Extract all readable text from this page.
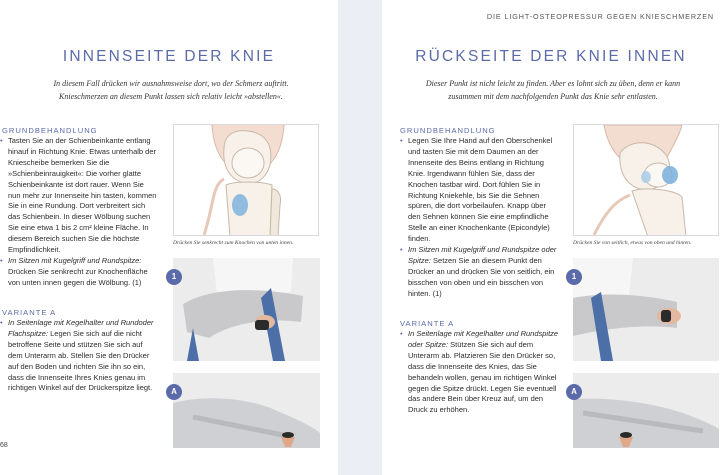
INNENSEITE DER KNIE
In diesem Fall drücken wir ausnahmsweise dort, wo der Schmerz auftritt. Knieschmerzen an diesem Punkt lassen sich relativ leicht »abstellen«.
GRUNDBEHANDLUNG

• Tasten Sie an der Schienbeinkante entlang hinauf in Richtung Knie. Etwas unterhalb der Kniescheibe bemerken Sie die »Schienbeinrauigkeit«: Die vorher glatte Schienbeinkante ist dort rauer. Wenn Sie nun mehr zur Innenseite hin tasten, kommen Sie in eine Rundung. Dort verbreitert sich das Schienbein. In dieser Wölbung suchen Sie eine etwa 1 bis 2 cm² kleine Fläche. In diesem Bereich suchen Sie die höchste Empfindlichkeit.

• Im Sitzen mit Kugelgriff und Rundspitze: Drücken Sie senkrecht zur Knochenfläche von unten innen gegen die Wölbung. (1)

VARIANTE A

• In Seitenlage mit Kegelhalter und Rundoder Flachspitze: Legen Sie sich auf die nicht betroffene Seite und stützen Sie sich auf dem Unterarm ab. Stellen Sie den Drücker auf den Boden und richten Sie ihn so ein, dass die Innenseite Ihres Knies genau im richtigen Winkel auf der Drückerspitze liegt.

Drücken Sie senkrecht zum Knochen von unten innen.
1
A
68
DIE LIGHT-OSTEOPRESSUR GEGEN KNIESCHMERZEN
RÜCKSEITE DER KNIE INNEN
Dieser Punkt ist nicht leicht zu finden. Aber es lohnt sich zu üben, denn er kann zusammen mit dem nachfolgenden Punkt das Knie sehr entlasten.
GRUNDBEHANDLUNG

• Legen Sie Ihre Hand auf den Oberschenkel und tasten Sie mit dem Daumen an der Innenseite des Beins entlang in Richtung Knie. Irgendwann fühlen Sie, dass der Knochen tastbar wird. Dort fühlen Sie in Richtung Kniekehle, bis Sie die Sehnen spüren, die dort vorbeilaufen. Knapp über den Sehnen können Sie eine empfindliche Stelle an einer Knochenkante (Epicondyle) finden.

• Im Sitzen mit Kugelgriff und Rundspitze oder Spitze: Setzen Sie an diesem Punkt den Drücker an und drücken Sie von seitlich, ein bisschen von oben und ein bisschen von hinten. (1)

VARIANTE A

• In Seitenlage mit Kegelhalter und Rundspitze oder Spitze: Stützen Sie sich auf dem Unterarm ab. Platzieren Sie den Drücker so, dass die Innenseite des Knies, das Sie behandeln wollen, genau im richtigen Winkel gegen die Spitze drückt. Legen Sie eventuell das andere Bein über Kreuz auf, um den Druck zu erhöhen.

Drücken Sie von seitlich, etwas von oben und hinten.
1
A
